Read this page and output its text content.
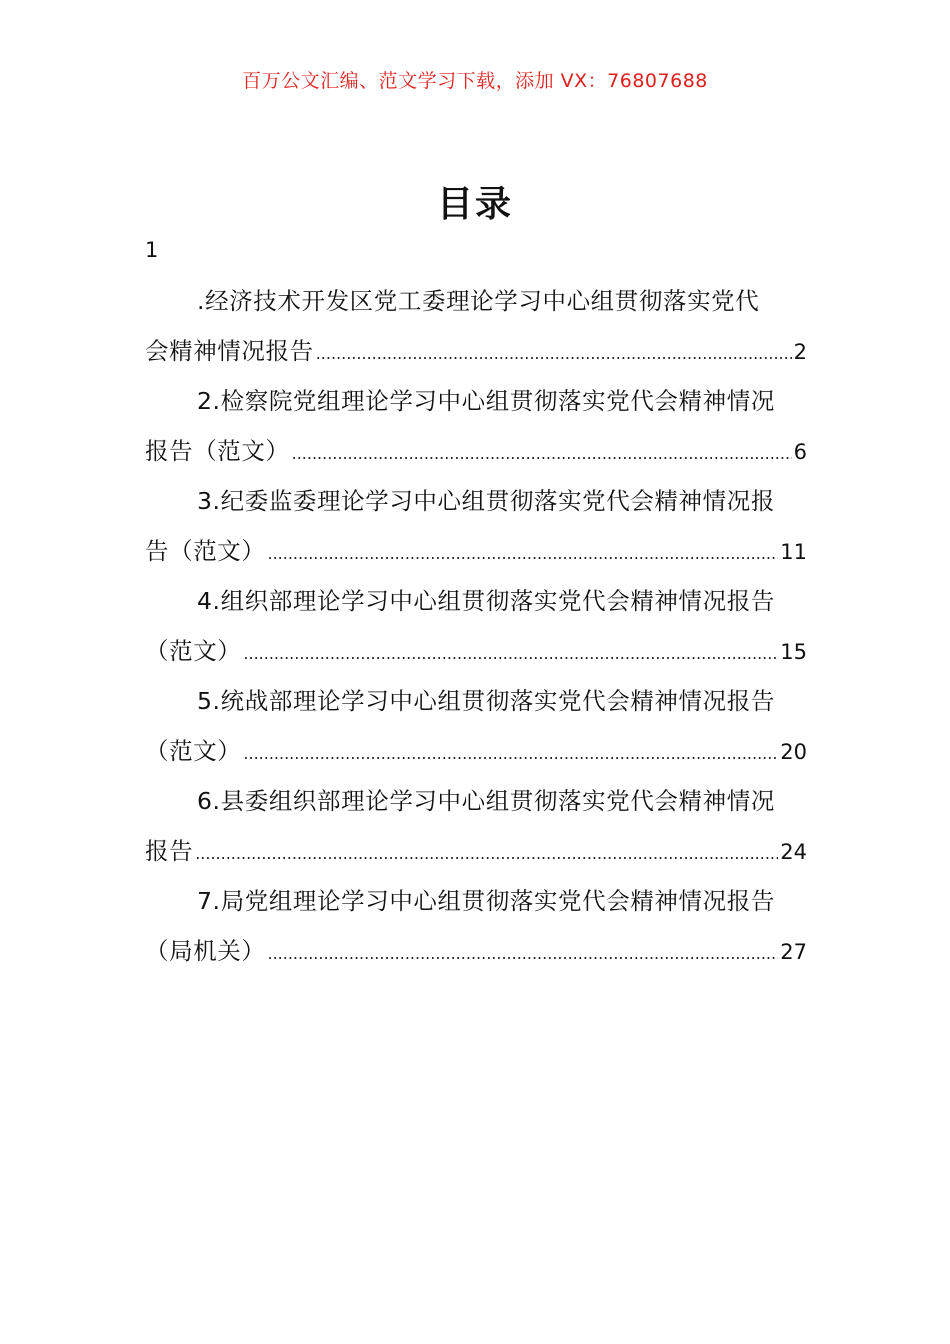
百万公文汇编、范文学习下载，添加 VX：76807688
目录
1
.经济技术开发区党工委理论学习中心组贯彻落实党代
会精神情况报告 .....	2
2.检察院党组理论学习中心组贯彻落实党代会精神情况
报告（范文） .....	6
3.纪委监委理论学习中心组贯彻落实党代会精神情况报
告（范文） .....	11
4.组织部理论学习中心组贯彻落实党代会精神情况报告
（范文） .....	15
5.统战部理论学习中心组贯彻落实党代会精神情况报告
（范文） .....	20
6.县委组织部理论学习中心组贯彻落实党代会精神情况
报告 .....	24
7.局党组理论学习中心组贯彻落实党代会精神情况报告
（局机关） .....	27
